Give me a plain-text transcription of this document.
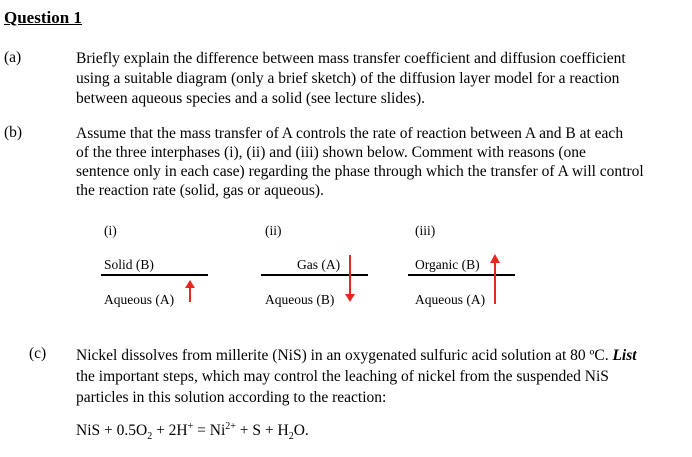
Question 1
(a)	Briefly explain the difference between mass transfer coefficient and diffusion coefficient
using a suitable diagram (only a brief sketch) of the diffusion layer model for a reaction
between aqueous species and a solid (see lecture slides).
(b)	Assume that the mass transfer of A controls the rate of reaction between A and B at each
of the three interphases (i), (ii) and (iii) shown below. Comment with reasons (one
sentence only in each case) regarding the phase through which the transfer of A will control
the reaction rate (solid, gas or aqueous).
(i)
Solid (B)
Aqueous (A)
(ii)
Gas (A)
Aqueous (B)
(iii)
Organic (B)
Aqueous (A)
(c) Nickel dissolves from millerite (NiS) in an oxygenated sulfuric acid solution at 80 ºC. List
the important steps, which may control the leaching of nickel from the suspended NiS
particles in this solution according to the reaction:
NiS + $0.5O_2 + 2H^+ = Ni^{2+} + S + H_2O$.
